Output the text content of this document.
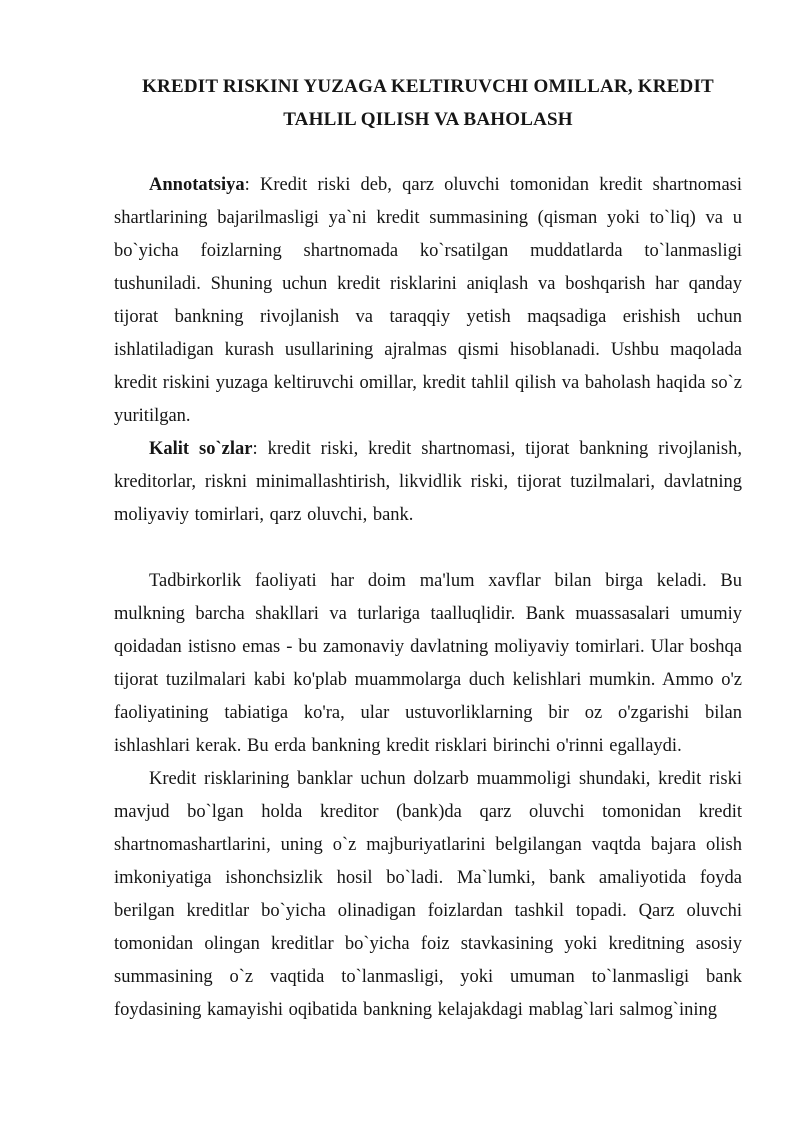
KREDIT RISKINI YUZAGA KELTIRUVCHI OMILLAR, KREDIT
TAHLIL QILISH VA BAHOLASH

Annotatsiya: Kredit riski deb, qarz oluvchi tomonidan kredit shartnomasi shartlarining bajarilmasligi ya`ni kredit summasining (qisman yoki to`liq) va u bo`yicha foizlarning shartnomada ko`rsatilgan muddatlarda to`lanmasligi tushuniladi. Shuning uchun kredit risklarini aniqlash va boshqarish har qanday tijorat bankning rivojlanish va taraqqiy yetish maqsadiga erishish uchun ishlatiladigan kurash usullarining ajralmas qismi hisoblanadi. Ushbu maqolada kredit riskini yuzaga keltiruvchi omillar, kredit tahlil qilish va baholash haqida so`z yuritilgan.

Kalit so`zlar: kredit riski, kredit shartnomasi, tijorat bankning rivojlanish, kreditorlar, riskni minimallashtirish, likvidlik riski, tijorat tuzilmalari, davlatning moliyaviy tomirlari, qarz oluvchi, bank.

Tadbirkorlik faoliyati har doim ma'lum xavflar bilan birga keladi. Bu mulkning barcha shakllari va turlariga taalluqlidir. Bank muassasalari umumiy qoidadan istisno emas - bu zamonaviy davlatning moliyaviy tomirlari. Ular boshqa tijorat tuzilmalari kabi ko'plab muammolarga duch kelishlari mumkin. Ammo o'z faoliyatining tabiatiga ko'ra, ular ustuvorliklarning bir oz o'zgarishi bilan ishlashlari kerak. Bu erda bankning kredit risklari birinchi o'rinni egallaydi.

Kredit risklarining banklar uchun dolzarb muammoligi shundaki, kredit riski mavjud bo`lgan holda kreditor (bank)da qarz oluvchi tomonidan kredit shartnomashartlarini, uning o`z majburiyatlarini belgilangan vaqtda bajara olish imkoniyatiga ishonchsizlik hosil bo`ladi. Ma`lumki, bank amaliyotida foyda berilgan kreditlar bo`yicha olinadigan foizlardan tashkil topadi. Qarz oluvchi tomonidan olingan kreditlar bo`yicha foiz stavkasining yoki kreditning asosiy summasining o`z vaqtida to`lanmasligi, yoki umuman to`lanmasligi bank foydasining kamayishi oqibatida bankning kelajakdagi mablag`lari salmog`ining
